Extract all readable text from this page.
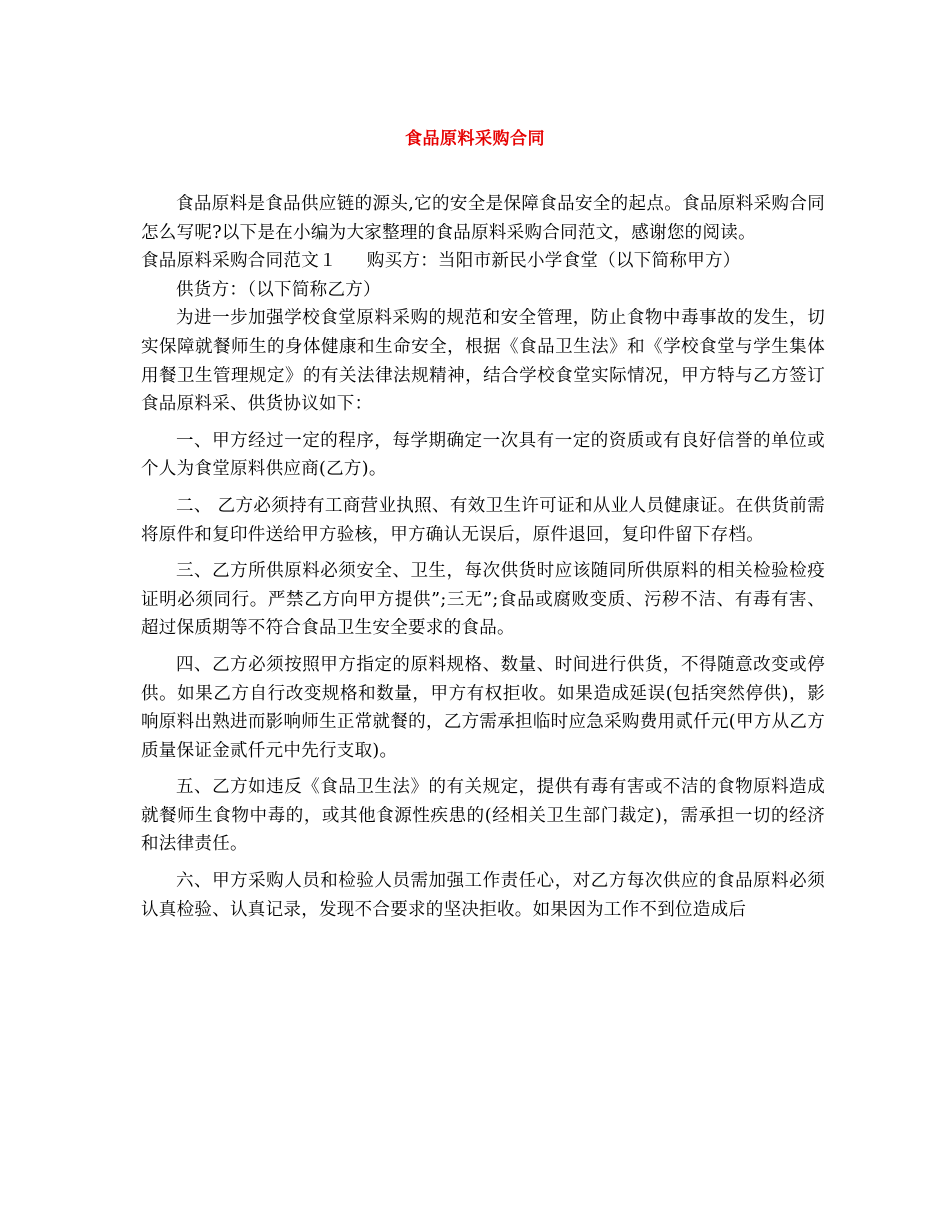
食品原料采购合同

食品原料是食品供应链的源头,它的安全是保障食品安全的起点。食品原料采购合同怎么写呢?以下是在小编为大家整理的食品原料采购合同范文，感谢您的阅读。

食品原料采购合同范文１ 购买方：当阳市新民小学食堂（以下简称甲方）

供货方：（以下简称乙方）

为进一步加强学校食堂原料采购的规范和安全管理，防止食物中毒事故的发生，切实保障就餐师生的身体健康和生命安全，根据《食品卫生法》和《学校食堂与学生集体用餐卫生管理规定》的有关法律法规精神，结合学校食堂实际情况，甲方特与乙方签订食品原料采、供货协议如下：

一、甲方经过一定的程序，每学期确定一次具有一定的资质或有良好信誉的单位或个人为食堂原料供应商(乙方)。

二、 乙方必须持有工商营业执照、有效卫生许可证和从业人员健康证。在供货前需将原件和复印件送给甲方验核，甲方确认无误后，原件退回，复印件留下存档。

三、乙方所供原料必须安全、卫生，每次供货时应该随同所供原料的相关检验检疫证明必须同行。严禁乙方向甲方提供”;三无”;食品或腐败变质、污秽不洁、有毒有害、超过保质期等不符合食品卫生安全要求的食品。

四、乙方必须按照甲方指定的原料规格、数量、时间进行供货，不得随意改变或停供。如果乙方自行改变规格和数量，甲方有权拒收。如果造成延误(包括突然停供)，影响原料出熟进而影响师生正常就餐的，乙方需承担临时应急采购费用贰仟元(甲方从乙方质量保证金贰仟元中先行支取)。

五、乙方如违反《食品卫生法》的有关规定，提供有毒有害或不洁的食物原料造成就餐师生食物中毒的，或其他食源性疾患的(经相关卫生部门裁定)，需承担一切的经济和法律责任。

六、甲方采购人员和检验人员需加强工作责任心，对乙方每次供应的食品原料必须认真检验、认真记录，发现不合要求的坚决拒收。如果因为工作不到位造成后
